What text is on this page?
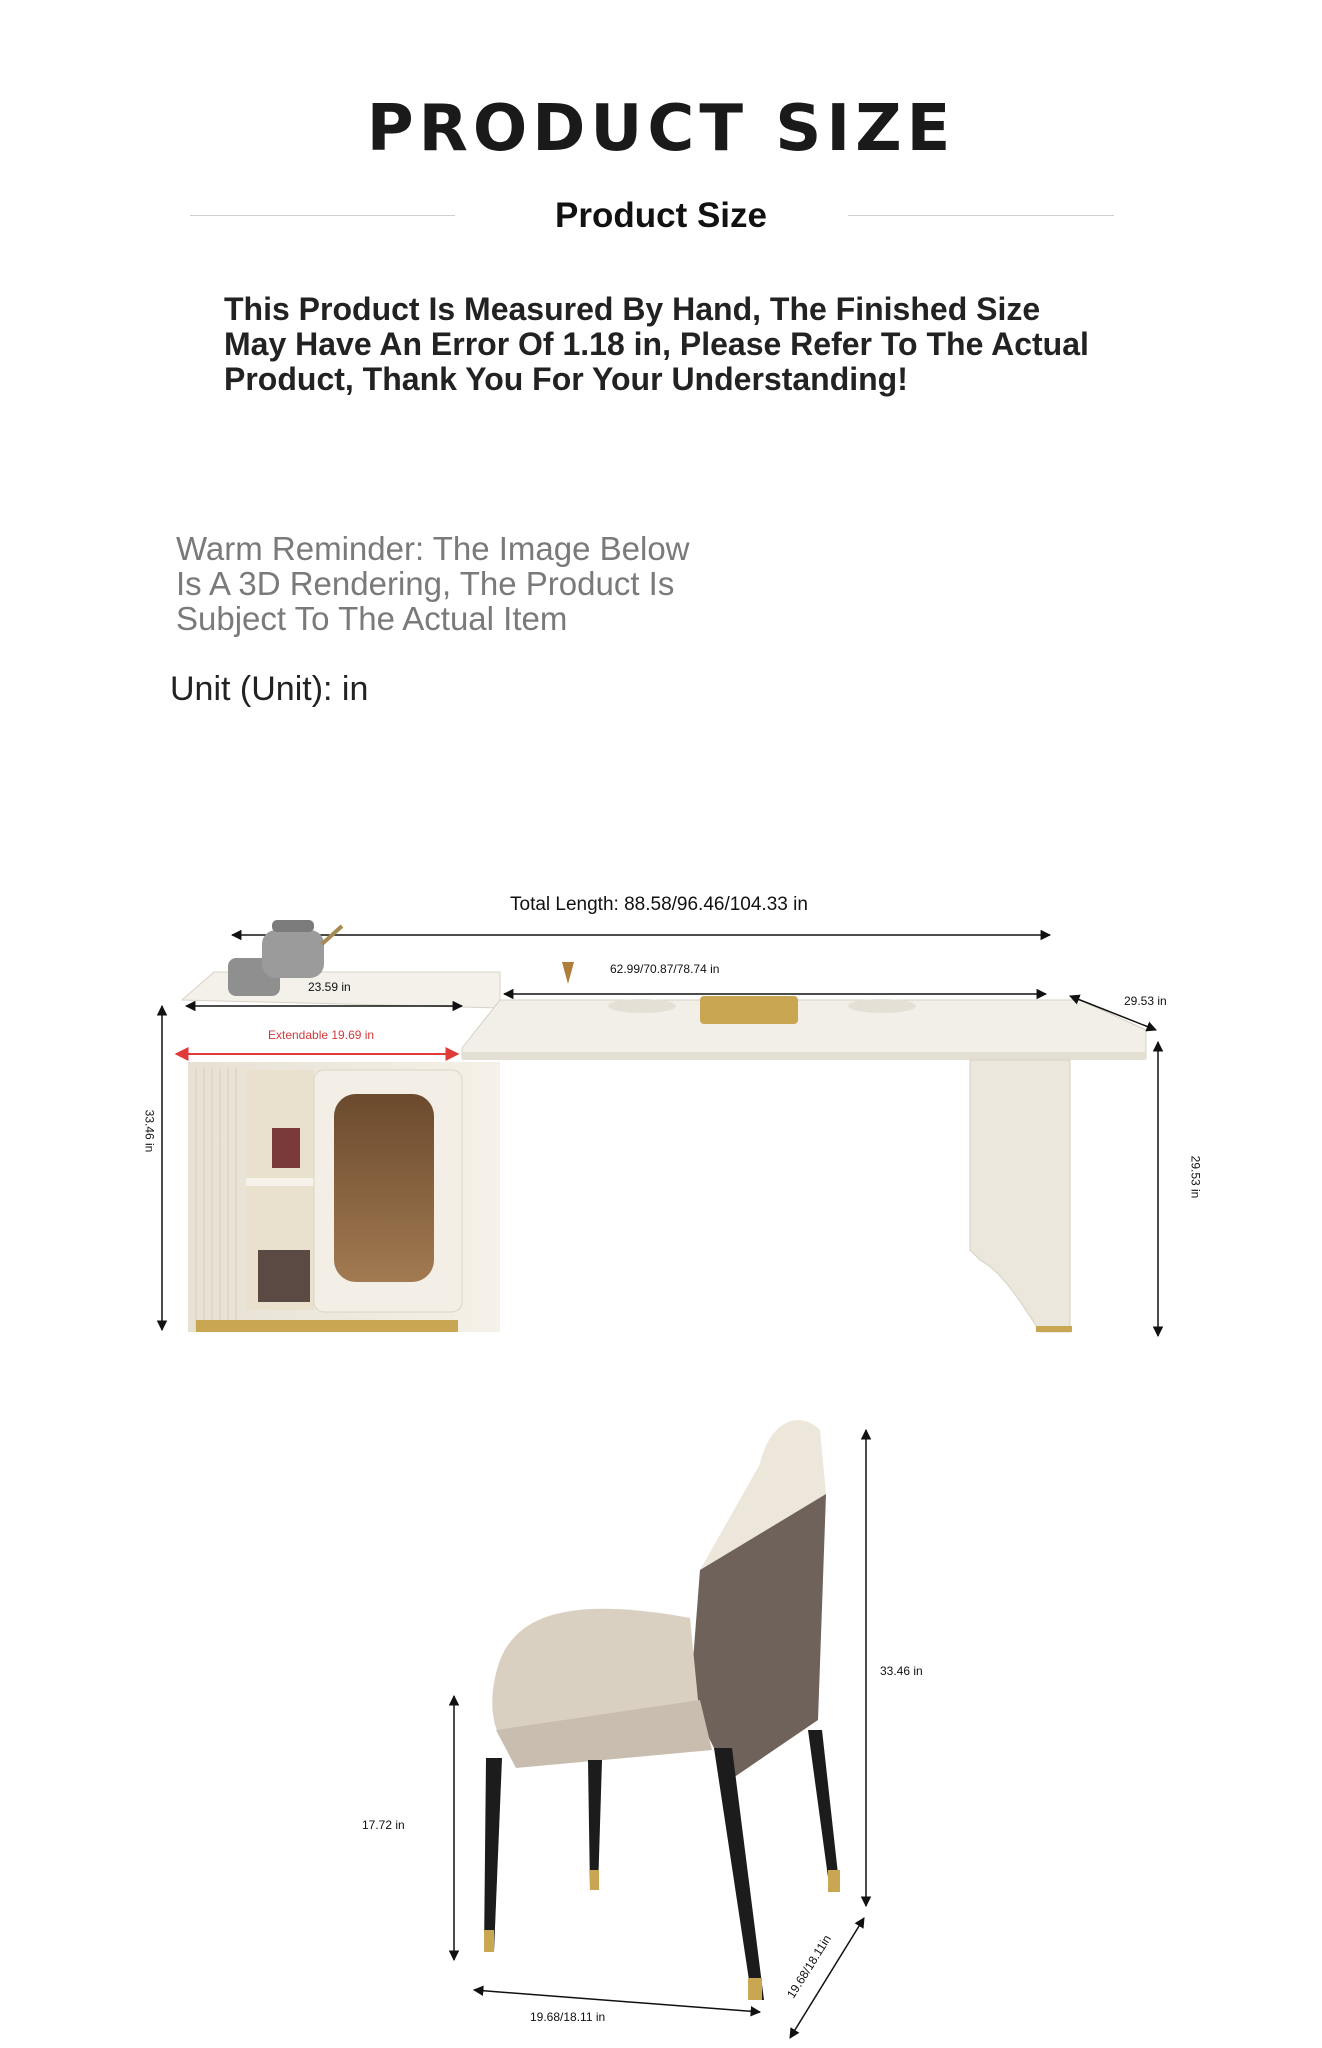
PRODUCT SIZE
Product Size
This Product Is Measured By Hand, The Finished Size May Have An Error Of 1.18 in, Please Refer To The Actual Product, Thank You For Your Understanding!
Warm Reminder: The Image Below Is A 3D Rendering, The Product Is Subject To The Actual Item
Unit (Unit): in
Total Length: 88.58/96.46/104.33 in
23.59 in
62.99/70.87/78.74 in
29.53 in
Extendable 19.69 in
33.46 in
29.53 in
33.46 in
17.72 in
19.68/18.11 in
19.68/18.11in
